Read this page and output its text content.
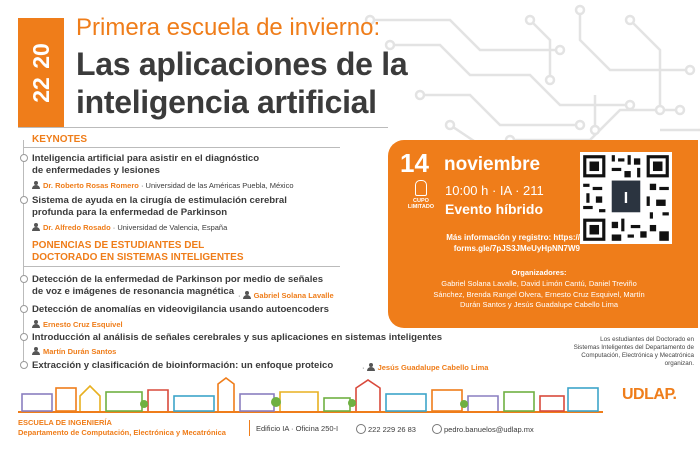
20
22
Primera escuela de invierno:
Las aplicaciones de la
inteligencia artificial
KEYNOTES
Inteligencia artificial para asistir en el diagnóstico
de enfermedades y lesiones
Dr. Roberto Rosas Romero · Universidad de las Américas Puebla, México
Sistema de ayuda en la cirugía de estimulación cerebral
profunda para la enfermedad de Parkinson
Dr. Alfredo Rosado · Universidad de Valencia, España
PONENCIAS DE ESTUDIANTES DEL
DOCTORADO EN SISTEMAS INTELIGENTES
Detección de la enfermedad de Parkinson por medio de señales
de voz e imágenes de resonancia magnética · Gabriel Solana Lavalle
Detección de anomalías en videovigilancia usando autoencoders
Ernesto Cruz Esquivel
Introducción al análisis de señales cerebrales y sus aplicaciones en sistemas inteligentes
Martín Durán Santos
Extracción y clasificación de bioinformación: un enfoque proteico	· Jesús Guadalupe Cabello Lima
14 noviembre
CUPO
LIMITADO
10:00 h · IA · 211
Evento híbrido
Más información y registro: https://
forms.gle/7pJS3JMeUyHpNN7W9
I
Organizadores:
Gabriel Solana Lavalle, David Limón Cantú, Daniel Treviño
Sánchez, Brenda Rangel Olvera, Ernesto Cruz Esquivel, Martín
Durán Santos y Jesús Guadalupe Cabello Lima
Los estudiantes del Doctorado en
Sistemas Inteligentes del Departamento de
Computación, Electrónica y Mecatrónica
organizan.
UDLAP.
ESCUELA DE INGENIERÍA
Departamento de Computación, Electrónica y Mecatrónica	Edificio IA · Oficina 250-I	222 229 26 83	pedro.banuelos@udlap.mx
